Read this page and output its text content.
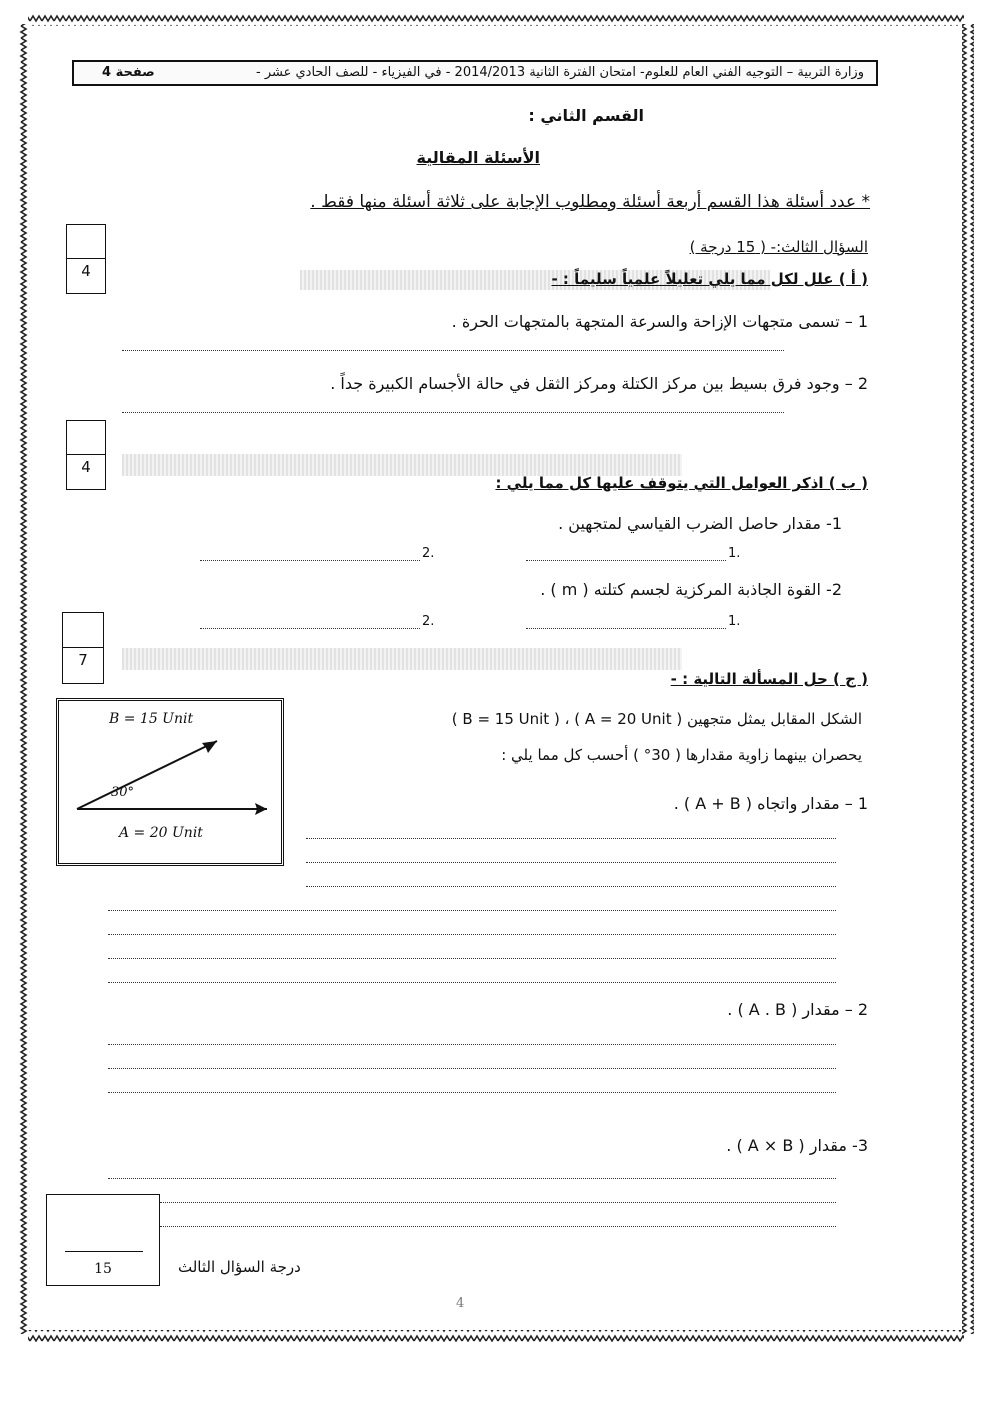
وزارة التربية – التوجيه الفني العام للعلوم- امتحان الفترة الثانية 2014/2013 - في الفيزياء - للصف الحادي عشر -
صفحة 4
القسم الثاني :
الأسئلة المقالية
* عدد أسئلة هذا القسم أربعة أسئلة ومطلوب الإجابة على ثلاثة أسئلة منها فقط .
السؤال الثالث:- ( 15 درجة )
4	( أ ) علل لكل مما يلي تعليلاً علمياً سليماً : -
1 – تسمى متجهات الإزاحة والسرعة المتجهة بالمتجهات الحرة .
2 – وجود فرق بسيط بين مركز الكتلة ومركز الثقل في حالة الأجسام الكبيرة جداً .
4
( ب ) اذكر العوامل التي يتوقف عليها كل مما يلي :
1- مقدار حاصل الضرب القياسي لمتجهين .
.1
.2
2- القوة الجاذبة المركزية لجسم كتلته ( m ) .
.1
.2
7
( ج ) حل المسألة التالية : -
الشكل المقابل يمثل متجهين ( A = 20 Unit ) ، ( B = 15 Unit )
يحصران بينهما زاوية مقدارها ( 30° ) أحسب كل مما يلي :
1 – مقدار واتجاه ( A + B ) .
B = 15 Unit
30°
A = 20 Unit
2 – مقدار ( A . B ) .
3- مقدار ( A × B ) .
15	درجة السؤال الثالث
4
